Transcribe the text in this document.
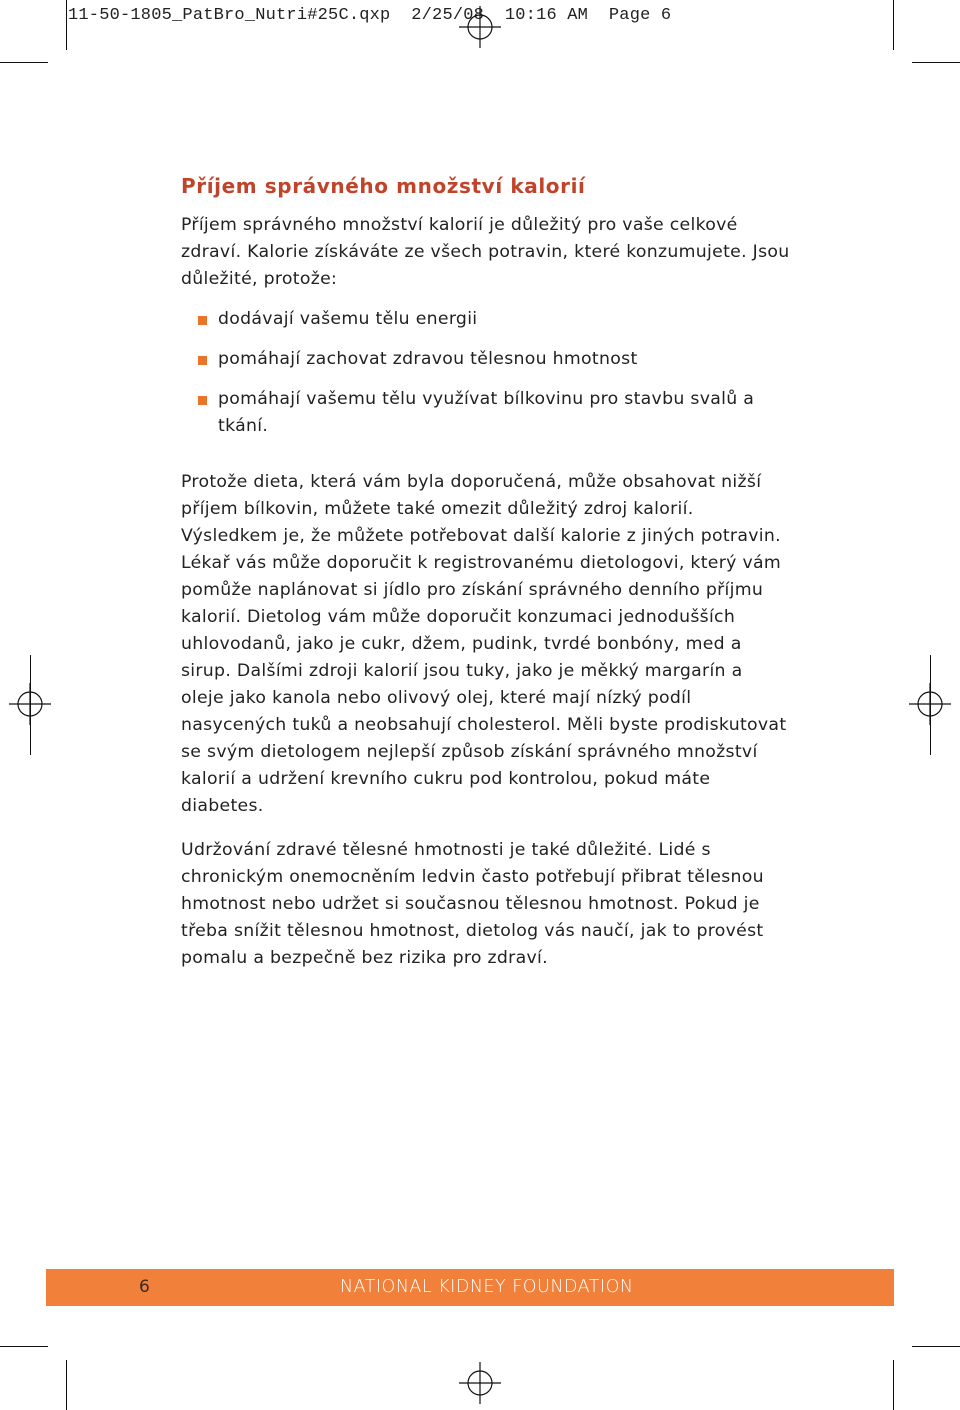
11-50-1805_PatBro_Nutri#25C.qxp  2/25/08  10:16 AM  Page 6
Příjem správného množství kalorií

Příjem správného množství kalorií je důležitý pro vaše celkové zdraví. Kalorie získáváte ze všech potravin, které konzumujete. Jsou důležité, protože:

dodávají vašemu tělu energii
pomáhají zachovat zdravou tělesnou hmotnost
pomáhají vašemu tělu využívat bílkovinu pro stavbu svalů a tkání.

Protože dieta, která vám byla doporučená, může obsahovat nižší příjem bílkovin, můžete také omezit důležitý zdroj kalorií. Výsledkem je, že můžete potřebovat další kalorie z jiných potravin. Lékař vás může doporučit k registrovanému dietologovi, který vám pomůže naplánovat si jídlo pro získání správného denního příjmu kalorií. Dietolog vám může doporučit konzumaci jednodušších uhlovodanů, jako je cukr, džem, pudink, tvrdé bonbóny, med a sirup. Dalšími zdroji kalorií jsou tuky, jako je měkký margarín a oleje jako kanola nebo olivový olej, které mají nízký podíl nasycených tuků a neobsahují cholesterol. Měli byste prodiskutovat se svým dietologem nejlepší způsob získání správného množství kalorií a udržení krevního cukru pod kontrolou, pokud máte diabetes.

Udržování zdravé tělesné hmotnosti je také důležité. Lidé s chronickým onemocněním ledvin často potřebují přibrat tělesnou hmotnost nebo udržet si současnou tělesnou hmotnost. Pokud je třeba snížit tělesnou hmotnost, dietolog vás naučí, jak to provést pomalu a bezpečně bez rizika pro zdraví.

6	NATIONAL KIDNEY FOUNDATION
